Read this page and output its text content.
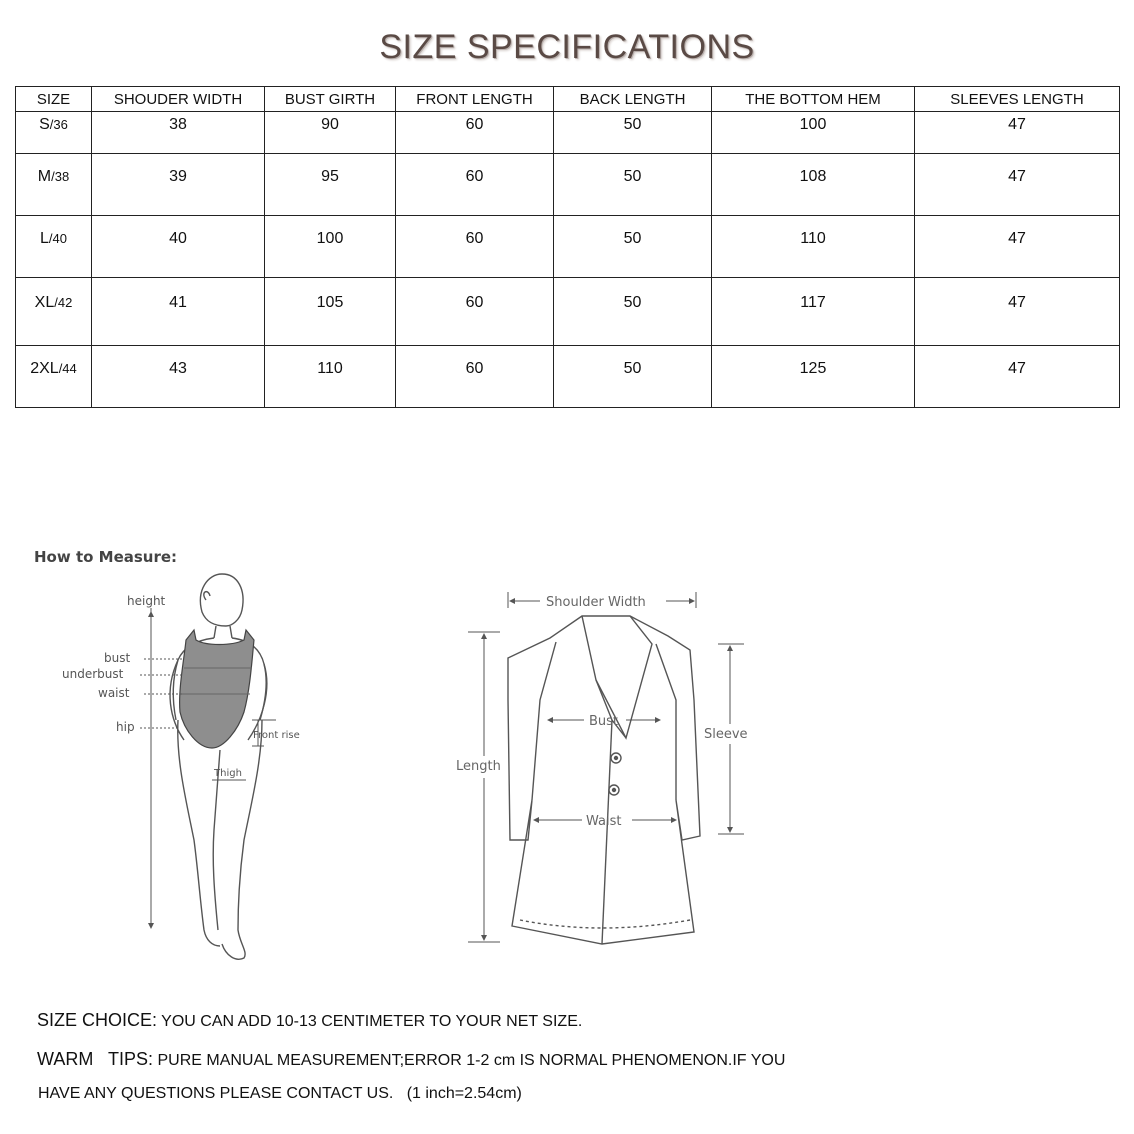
SIZE SPECIFICATIONS
SIZE	SHOUDER WIDTH	BUST GIRTH	FRONT LENGTH	BACK LENGTH	THE BOTTOM HEM	SLEEVES LENGTH
S/36	38	90	60	50	100	47
M/38	39	95	60	50	108	47
L/40	40	100	60	50	110	47
XL/42	41	105	60	50	117	47
2XL/44	43	110	60	50	125	47
How to Measure:
height
bust
underbust
waist
hip
Front rise
Thigh
Shoulder Width
Bust
Waist
Length
Sleeve
SIZE CHOICE: YOU CAN ADD 10-13 CENTIMETER TO YOUR NET SIZE.
WARM   TIPS: PURE MANUAL MEASUREMENT;ERROR 1-2 cm IS NORMAL PHENOMENON.IF YOU
HAVE ANY QUESTIONS PLEASE CONTACT US.   (1 inch=2.54cm)
